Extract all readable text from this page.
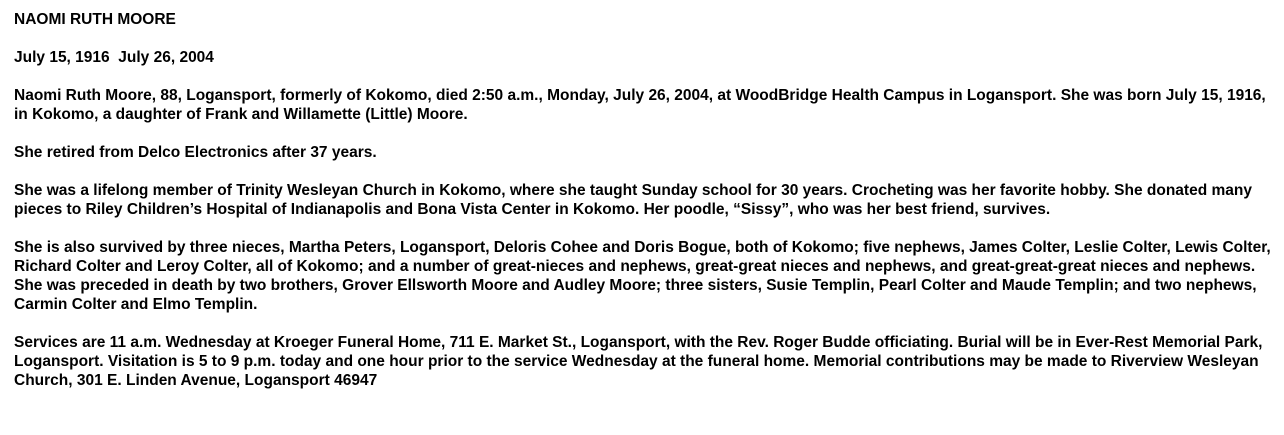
NAOMI RUTH MOORE

July 15, 1916  July 26, 2004

Naomi Ruth Moore, 88, Logansport, formerly of Kokomo, died 2:50 a.m., Monday, July 26, 2004, at WoodBridge Health Campus in Logansport. She was born July 15, 1916, in Kokomo, a daughter of Frank and Willamette (Little) Moore.

She retired from Delco Electronics after 37 years.

She was a lifelong member of Trinity Wesleyan Church in Kokomo, where she taught Sunday school for 30 years. Crocheting was her favorite hobby. She donated many pieces to Riley Children’s Hospital of Indianapolis and Bona Vista Center in Kokomo. Her poodle, “Sissy”, who was her best friend, survives.

She is also survived by three nieces, Martha Peters, Logansport, Deloris Cohee and Doris Bogue, both of Kokomo; five nephews, James Colter, Leslie Colter, Lewis Colter, Richard Colter and Leroy Colter, all of Kokomo; and a number of great-nieces and nephews, great-great nieces and nephews, and great-great-great nieces and nephews. She was preceded in death by two brothers, Grover Ellsworth Moore and Audley Moore; three sisters, Susie Templin, Pearl Colter and Maude Templin; and two nephews, Carmin Colter and Elmo Templin.

Services are 11 a.m. Wednesday at Kroeger Funeral Home, 711 E. Market St., Logansport, with the Rev. Roger Budde officiating. Burial will be in Ever-Rest Memorial Park, Logansport. Visitation is 5 to 9 p.m. today and one hour prior to the service Wednesday at the funeral home. Memorial contributions may be made to Riverview Wesleyan Church, 301 E. Linden Avenue, Logansport 46947
